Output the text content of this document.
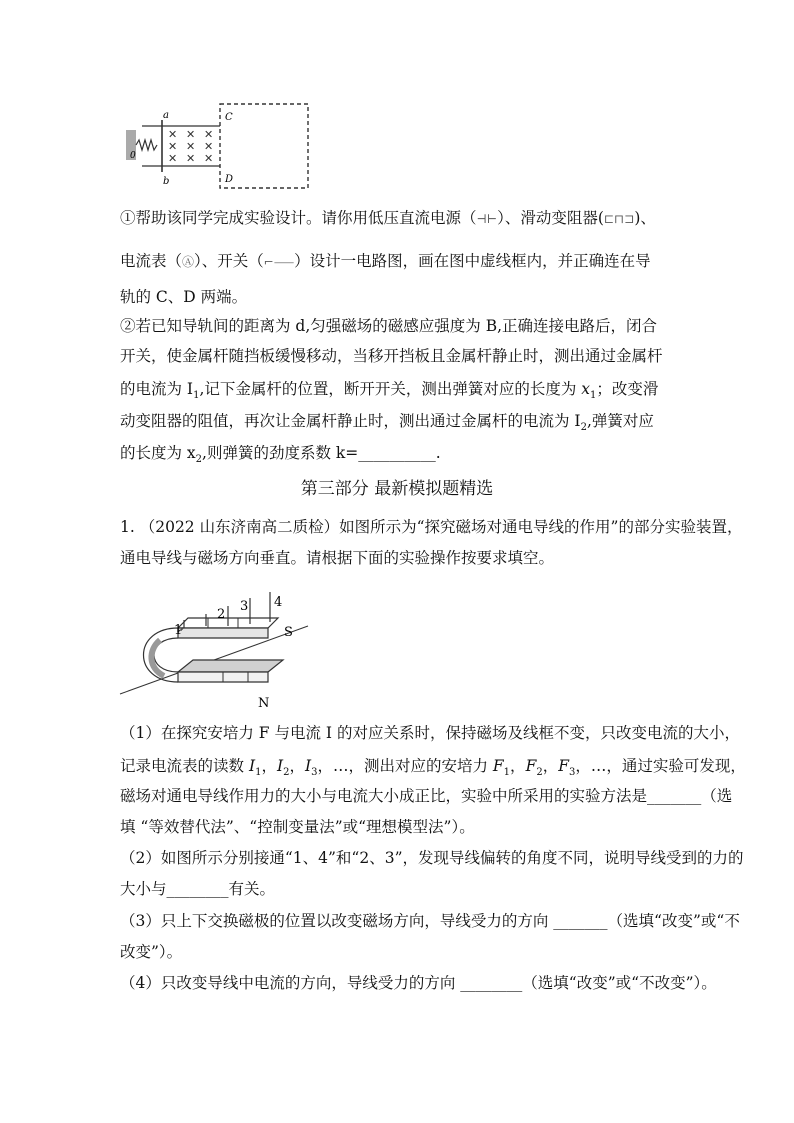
✕ ✕ ✕
✕ ✕ ✕
✕ ✕ ✕
a
b
C
D
0
①帮助该同学完成实验设计。请你用低压直流电源（⊣⊢）、滑动变阻器(⊏⊓⊐)、
电流表（Ⓐ）、开关（⌐⸺）设计一电路图，画在图中虚线框内，并正确连在导
轨的 C、D 两端。
②若已知导轨间的距离为 d,匀强磁场的磁感应强度为 B,正确连接电路后，闭合
开关，使金属杆随挡板缓慢移动，当移开挡板且金属杆静止时，测出通过金属杆
的电流为 $I_1$,记下金属杆的位置，断开开关，测出弹簧对应的长度为 $x_1$；改变滑
动变阻器的阻值，再次让金属杆静止时，测出通过金属杆的电流为 $I_2$,弹簧对应
的长度为 $x_2$,则弹簧的劲度系数 k=__________.
第三部分 最新模拟题精选
1. （2022 山东济南高二质检）如图所示为“探究磁场对通电导线的作用”的部分实验装置，
通电导线与磁场方向垂直。请根据下面的实验操作按要求填空。
1
2
3 4
S
N
（1）在探究安培力 F 与电流 I 的对应关系时，保持磁场及线框不变，只改变电流的大小，
记录电流表的读数 $I_1$，$I_2$，$I_3$，…，测出对应的安培力 $F_1$，$F_2$，$F_3$，…，通过实验可发现，
磁场对通电导线作用力的大小与电流大小成正比，实验中所采用的实验方法是_______（选
填 “等效替代法”、“控制变量法”或“理想模型法”）。
（2）如图所示分别接通“1、4”和“2、3”，发现导线偏转的角度不同，说明导线受到的力的
大小与________有关。
（3）只上下交换磁极的位置以改变磁场方向，导线受力的方向 _______（选填“改变”或“不
改变”）。
（4）只改变导线中电流的方向，导线受力的方向 ________（选填“改变”或“不改变”）。
